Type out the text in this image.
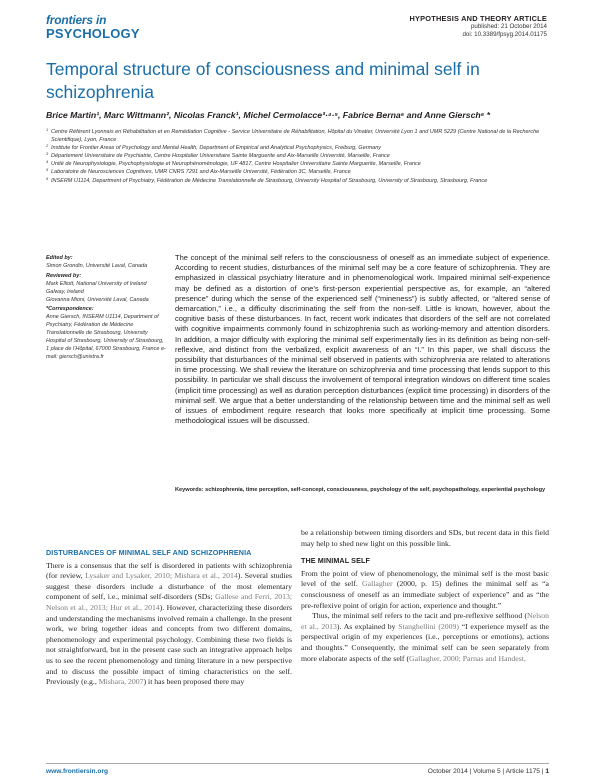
frontiers in
PSYCHOLOGY
HYPOTHESIS AND THEORY ARTICLE
published: 21 October 2014
doi: 10.3389/fpsyg.2014.01175
Temporal structure of consciousness and minimal self in schizophrenia
Brice Martin¹, Marc Wittmann², Nicolas Franck¹, Michel Cermolacce³·⁴·⁵, Fabrice Berna⁶ and Anne Giersch⁶ *
1 Centre Référent Lyonnais en Réhabilitation et en Remédiation Cognitive - Service Universitaire de Réhabilitation, Hôpital du Vinatier, Université Lyon 1 and UMR 5229 (Centre National de la Recherche Scientifique), Lyon, France
2 Institute for Frontier Areas of Psychology and Mental Health, Department of Empirical and Analytical Psychophysics, Freiburg, Germany
3 Département Universitaire de Psychiatrie, Centre Hospitalier Universitaire Sainte Marguerite and Aix-Marseille Université, Marseille, France
4 Unité de Neurophysiologie, Psychophysiologie et Neurophénoménologie, UF 4817, Centre Hospitalier Universitaire Sainte Marguerite, Marseille, France
5 Laboratoire de Neurosciences Cognitives, UMR CNRS 7291 and Aix-Marseille Université, Fédération 3C, Marseille, France
6 INSERM U1114, Department of Psychiatry, Fédération de Médecine Translationnelle de Strasbourg, University Hospital of Strasbourg, University of Strasbourg, Strasbourg, France
Edited by:
Simon Grondin, Université Laval, Canada
Reviewed by:
Mark Elliott, National University of Ireland Galway, Ireland
Giovanna Mioni, Université Laval, Canada
*Correspondence:
Anne Giersch, INSERM U1114, Department of Psychiatry, Fédération de Médecine Translationnelle de Strasbourg, University Hospital of Strasbourg, University of Strasbourg, 1 place de l’Hôpital, 67000 Strasbourg, France e-mail: giersch@unistra.fr
The concept of the minimal self refers to the consciousness of oneself as an immediate subject of experience. According to recent studies, disturbances of the minimal self may be a core feature of schizophrenia. They are emphasized in classical psychiatry literature and in phenomenological work. Impaired minimal self-experience may be defined as a distortion of one’s first-person experiential perspective as, for example, an “altered presence” during which the sense of the experienced self (“mineness”) is subtly affected, or “altered sense of demarcation,” i.e., a difficulty discriminating the self from the non-self. Little is known, however, about the cognitive basis of these disturbances. In fact, recent work indicates that disorders of the self are not correlated with cognitive impairments commonly found in schizophrenia such as working-memory and attention disorders. In addition, a major difficulty with exploring the minimal self experimentally lies in its definition as being non-self-reflexive, and distinct from the verbalized, explicit awareness of an “I.” In this paper, we shall discuss the possibility that disturbances of the minimal self observed in patients with schizophrenia are related to alterations in time processing. We shall review the literature on schizophrenia and time processing that lends support to this possibility. In particular we shall discuss the involvement of temporal integration windows on different time scales (implicit time processing) as well as duration perception disturbances (explicit time processing) in disorders of the minimal self. We argue that a better understanding of the relationship between time and the minimal self as well of issues of embodiment require research that looks more specifically at implicit time processing. Some methodological issues will be discussed.
Keywords: schizophrenia, time perception, self-concept, consciousness, psychology of the self, psychopathology, experiential psychology
DISTURBANCES OF MINIMAL SELF AND SCHIZOPHRENIA
There is a consensus that the self is disordered in patients with schizophrenia (for review, Lysaker and Lysaker, 2010; Mishara et al., 2014). Several studies suggest these disorders include a disturbance of the most elementary component of self, i.e., minimal self-disorders (SDs; Gallese and Ferri, 2013; Nelson et al., 2013; Hur et al., 2014). However, characterizing these disorders and understanding the mechanisms involved remain a challenge. In the present work, we bring together ideas and concepts from two different domains, phenomenology and experimental psychology. Combining these two fields is not straightforward, but in the present case such an integrative approach helps us to see the recent phenomenology and timing literature in a new perspective and to discuss the possible impact of timing characteristics on the self. Previously (e.g., Mishara, 2007) it has been proposed there may
be a relationship between timing disorders and SDs, but recent data in this field may help to shed new light on this possible link.
THE MINIMAL SELF
From the point of view of phenomenology, the minimal self is the most basic level of the self. Gallagher (2000, p. 15) defines the minimal self as “a consciousness of oneself as an immediate subject of experience” and as “the pre-reflexive point of origin for action, experience and thought.”
Thus, the minimal self refers to the tacit and pre-reflexive selfhood (Nelson et al., 2013). As explained by Stanghellini (2009) “I experience myself as the perspectival origin of my experiences (i.e., perceptions or emotions), actions and thoughts.” Consequently, the minimal self can be seen separately from more elaborate aspects of the self (Gallagher, 2000; Parnas and Handest,
www.frontiersin.org	October 2014 | Volume 5 | Article 1175 | 1
